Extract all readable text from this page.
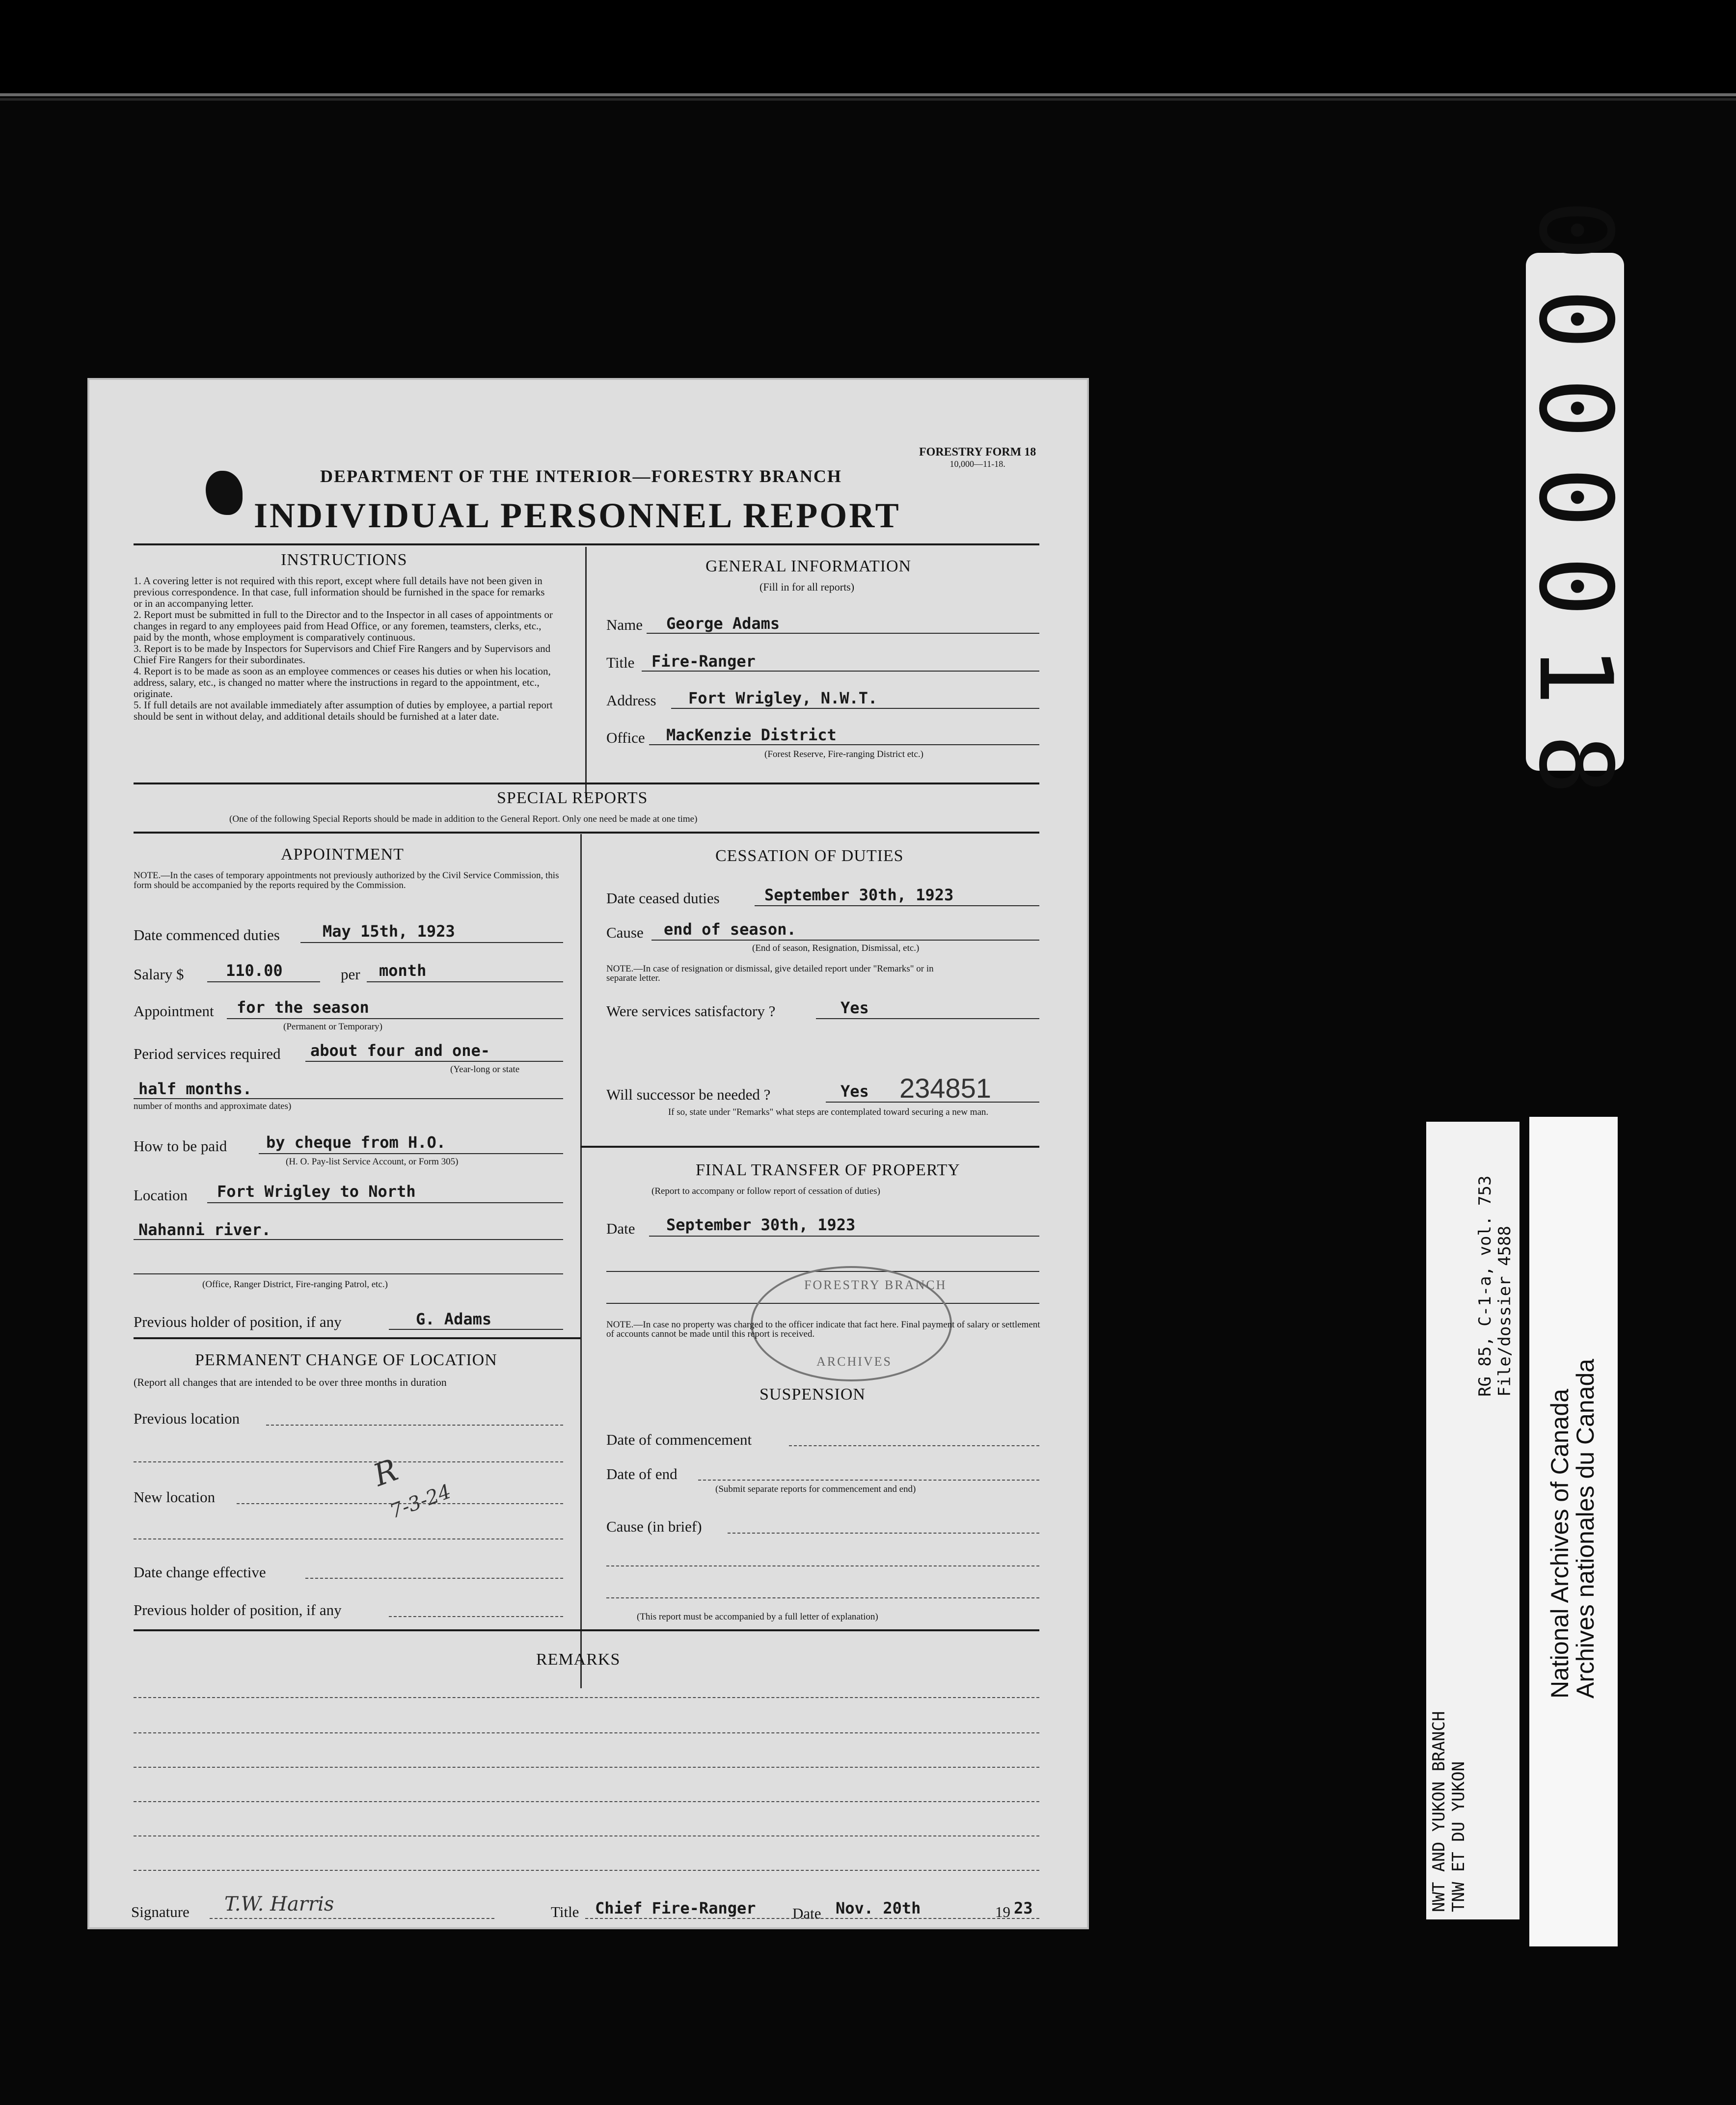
0000018
NWT AND YUKON BRANCH TNW ET DU YUKON
RG 85, C-1-a, vol. 753 File/dossier 4588
National Archives of Canada
Archives nationales du Canada
FORESTRY FORM 18
10,000—11-18.
DEPARTMENT OF THE INTERIOR—FORESTRY BRANCH
INDIVIDUAL PERSONNEL REPORT
INSTRUCTIONS
1. A covering letter is not required with this report, except where full details have not been given in previous correspondence. In that case, full information should be furnished in the space for remarks or in an accompanying letter.
2. Report must be submitted in full to the Director and to the Inspector in all cases of appointments or changes in regard to any employees paid from Head Office, or any foremen, teamsters, clerks, etc., paid by the month, whose employment is comparatively continuous.
3. Report is to be made by Inspectors for Supervisors and Chief Fire Rangers and by Supervisors and Chief Fire Rangers for their subordinates.
4. Report is to be made as soon as an employee commences or ceases his duties or when his location, address, salary, etc., is changed no matter where the instructions in regard to the appointment, etc., originate.
5. If full details are not available immediately after assumption of duties by employee, a partial report should be sent in without delay, and additional details should be furnished at a later date.
GENERAL INFORMATION
(Fill in for all reports)
Name George Adams
Title Fire-Ranger
Address Fort Wrigley, N.W.T.
Office MacKenzie District
(Forest Reserve, Fire-ranging District etc.)
SPECIAL REPORTS
(One of the following Special Reports should be made in addition to the General Report. Only one need be made at one time)
APPOINTMENT
NOTE.—In the cases of temporary appointments not previously authorized by the Civil Service Commission, this form should be accompanied by the reports required by the Commission.
Date commenced duties	May 15th, 1923
Salary $	110.00	per month
Appointment for the season
(Permanent or Temporary)
Period services required about four and one-
(Year-long or state
half months.
number of months and approximate dates)
How to be paid by cheque from H.O.
(H. O. Pay-list Service Account, or Form 305)
Location Fort Wrigley to North
Nahanni river.
(Office, Ranger District, Fire-ranging Patrol, etc.)
Previous holder of position, if any	G. Adams
PERMANENT CHANGE OF LOCATION
(Report all changes that are intended to be over three months in duration
Previous location
R
7-3-24
New location
Date change effective
Previous holder of position, if any
CESSATION OF DUTIES
Date ceased duties	September 30th, 1923
Cause end of season.
(End of season, Resignation, Dismissal, etc.)
NOTE.—In case of resignation or dismissal, give detailed report under "Remarks" or in separate letter.
Were services satisfactory ?	Yes
Will successor be needed ?	Yes 234851
If so, state under "Remarks" what steps are contemplated toward securing a new man.
FINAL TRANSFER OF PROPERTY
(Report to accompany or follow report of cessation of duties)
Date September 30th, 1923
FORESTRY BRANCH
ARCHIVES
NOTE.—In case no property was charged to the officer indicate that fact here. Final payment of salary or settlement of accounts cannot be made until this report is received.
SUSPENSION
Date of commencement
Date of end
(Submit separate reports for commencement and end)
Cause (in brief)
(This report must be accompanied by a full letter of explanation)
REMARKS
Signature T.W. Harris	Title Chief Fire-Ranger Date Nov. 20th	19 23
